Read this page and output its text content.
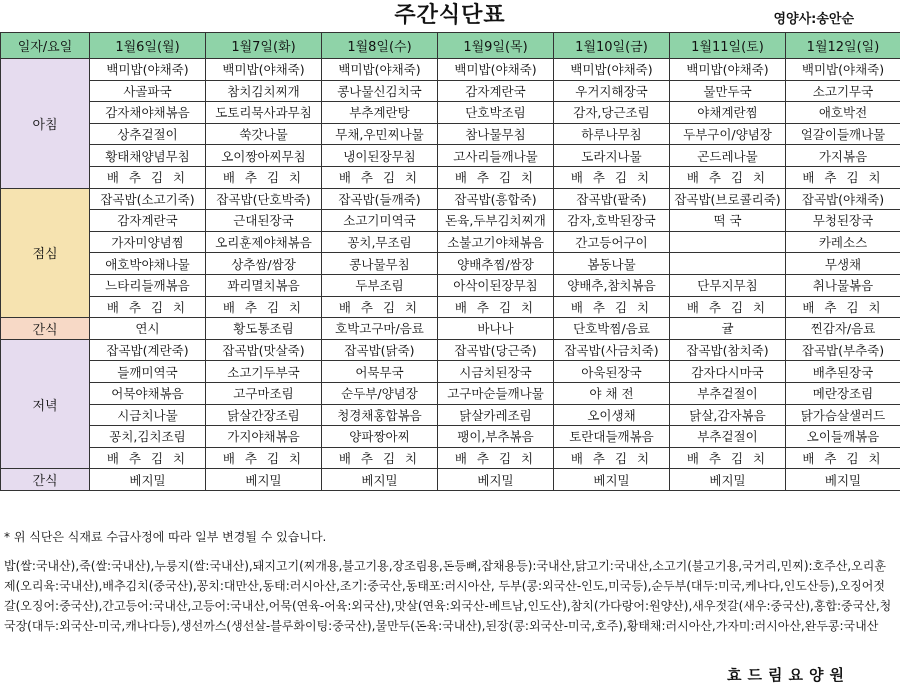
주간식단표	영양사:송안순
일자/요일	1월6일(월)	1월7일(화)	1월8일(수)	1월9일(목)	1월10일(금)	1월11일(토)	1월12일(일)
아침	백미밥(야채죽)	백미밥(야채죽)	백미밥(야채죽)	백미밥(야채죽)	백미밥(야채죽)	백미밥(야채죽)	백미밥(야채죽)
	사골파국	참치김치찌개	콩나물신김치국	감자계란국	우거지해장국	물만두국	소고기무국
	감자채야채볶음	도토리묵사과무침	부추계란탕	단호박조림	감자,당근조림	야채계란찜	애호박전
	상추겉절이	쑥갓나물	무채,우민찌나물	참나물무침	하루나무침	두부구이/양념장	얼갈이들깨나물
	황태채양념무침	오이짱아찌무침	냉이된장무침	고사리들깨나물	도라지나물	곤드레나물	가지볶음
	배 추 김 치	배 추 김 치	배 추 김 치	배 추 김 치	배 추 김 치	배 추 김 치	배 추 김 치
점심	잡곡밥(소고기죽)	잡곡밥(단호박죽)	잡곡밥(들깨죽)	잡곡밥(흥합죽)	잡곡밥(팥죽)	잡곡밥(브로콜리죽)	잡곡밥(야채죽)
	감자계란국	근대된장국	소고기미역국	돈육,두부김치찌개	감자,호박된장국	떡 국	무청된장국
	가자미양념찜	오리훈제야채볶음	꽁치,무조림	소불고기야채볶음	간고등어구이		카레소스
	애호박야채나물	상추쌈/쌈장	콩나물무침	양배추찜/쌈장	봄동나물		무생채
	느타리들깨볶음	꽈리멸치볶음	두부조림	아삭이된장무침	양배추,참치볶음	단무지무침	취나물볶음
	배 추 김 치	배 추 김 치	배 추 김 치	배 추 김 치	배 추 김 치	배 추 김 치	배 추 김 치
간식	연시	황도통조림	호박고구마/음료	바나나	단호박찜/음료	귤	찐감자/음료
저녁	잡곡밥(계란죽)	잡곡밥(맛살죽)	잡곡밥(닭죽)	잡곡밥(당근죽)	잡곡밥(사금치죽)	잡곡밥(참치죽)	잡곡밥(부추죽)
	들깨미역국	소고기두부국	어묵무국	시금치된장국	아욱된장국	감자다시마국	배추된장국
	어묵야채볶음	고구마조림	순두부/양념장	고구마순들깨나물	야 채 전	부추겉절이	메란장조림
	시금치나물	닭살간장조림	청경채홍합볶음	닭살카레조림	오이생채	닭살,감자볶음	닭가슴살샐러드
	꽁치,김치조림	가지야채볶음	양파짱아찌	팽이,부추볶음	토란대들깨볶음	부추겉절이	오이들깨볶음
	배 추 김 치	배 추 김 치	배 추 김 치	배 추 김 치	배 추 김 치	배 추 김 치	배 추 김 치
간식	베지밀	베지밀	베지밀	베지밀	베지밀	베지밀	베지밀
* 위 식단은 식재료 수급사정에 따라 일부 변경될 수 있습니다.
밥(쌀:국내산),죽(쌀:국내산),누룽지(쌀:국내산),돼지고기(찌개용,불고기용,장조림용,돈등뼈,잡채용등):국내산,닭고기:국내산,소고기(불고기용,국거리,민찌):호주산,오리훈제(오리육:국내산),배추김치(중국산),꽁치:대만산,동태:러시아산,조기:중국산,동태포:러시아산, 두부(콩:외국산-인도,미국등),순두부(대두:미국,케나다,인도산등),오징어젓갈(오징어:중국산),간고등어:국내산,고등어:국내산,어묵(연육-어육:외국산),맛살(연육:외국산-베트남,인도산),참치(가다랑어:원양산),새우젓갈(새우:중국산),홍합:중국산,청국장(대두:외국산-미국,캐나다등),생선까스(생선살-블루화이팅:중국산),물만두(돈육:국내산),된장(콩:외국산-미국,호주),황태채:러시아산,가자미:러시아산,완두콩:국내산
효드림요양원
